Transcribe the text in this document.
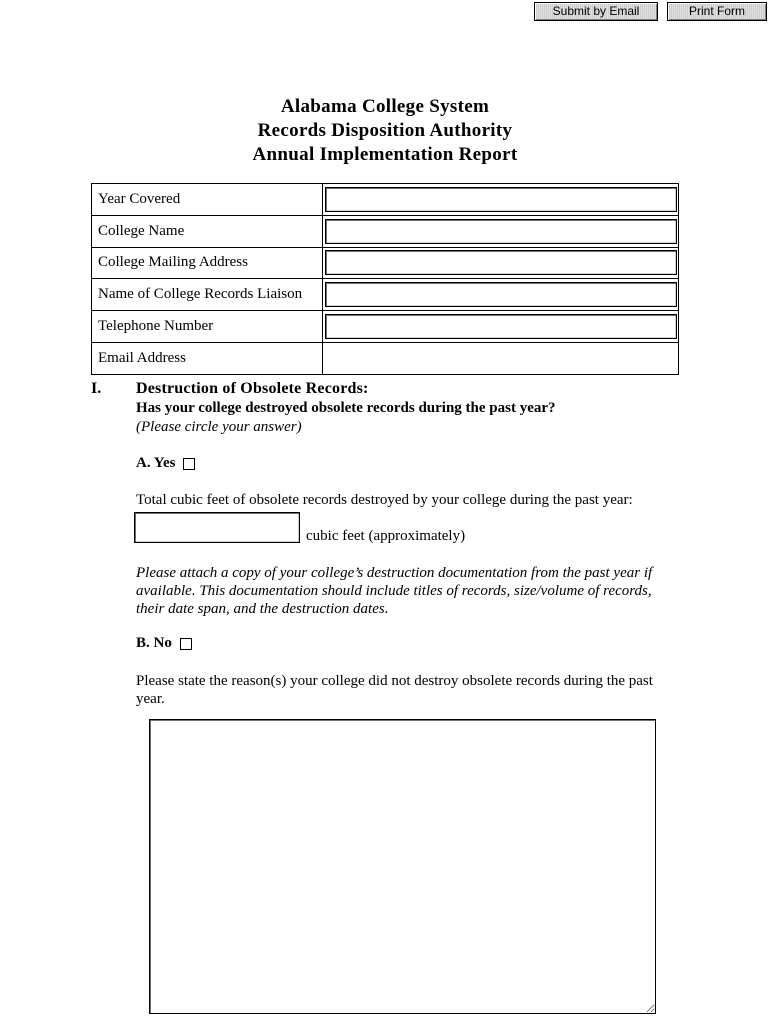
Submit by Email	Print Form
Alabama College System
Records Disposition Authority
Annual Implementation Report
Year Covered	

College Name	

College Mailing Address	

Name of College Records Liaison	

Telephone Number	

Email Address	
I. Destruction of Obsolete Records:
Has your college destroyed obsolete records during the past year?
(Please circle your answer)
A. Yes
Total cubic feet of obsolete records destroyed by your college during the past year:
cubic feet (approximately)
Please attach a copy of your college’s destruction documentation from the past year if available. This documentation should include titles of records, size/volume of records, their date span, and the destruction dates.
B. No
Please state the reason(s) your college did not destroy obsolete records during the past year.
